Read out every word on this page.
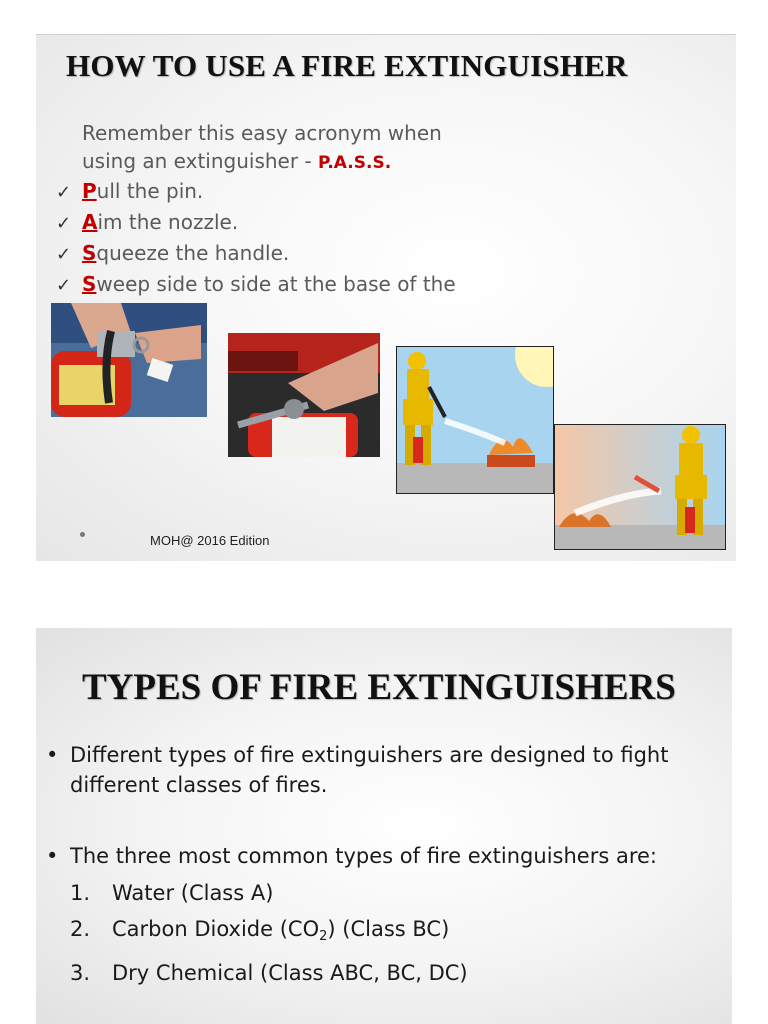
HOW TO USE A FIRE EXTINGUISHER

Remember this easy acronym when
using an extinguisher - P.A.S.S.

✓ Pull the pin.
✓ Aim the nozzle.
✓ Squeeze the handle.
✓ Sweep side to side at the base of the

MOH@ 2016 Edition

TYPES OF FIRE EXTINGUISHERS
• Different types of fire extinguishers are designed to fight different classes of fires.
• The three most common types of fire extinguishers are:
1. Water (Class A)
2. Carbon Dioxide $(CO_2)$ (Class BC)
3. Dry Chemical (Class ABC, BC, DC)
